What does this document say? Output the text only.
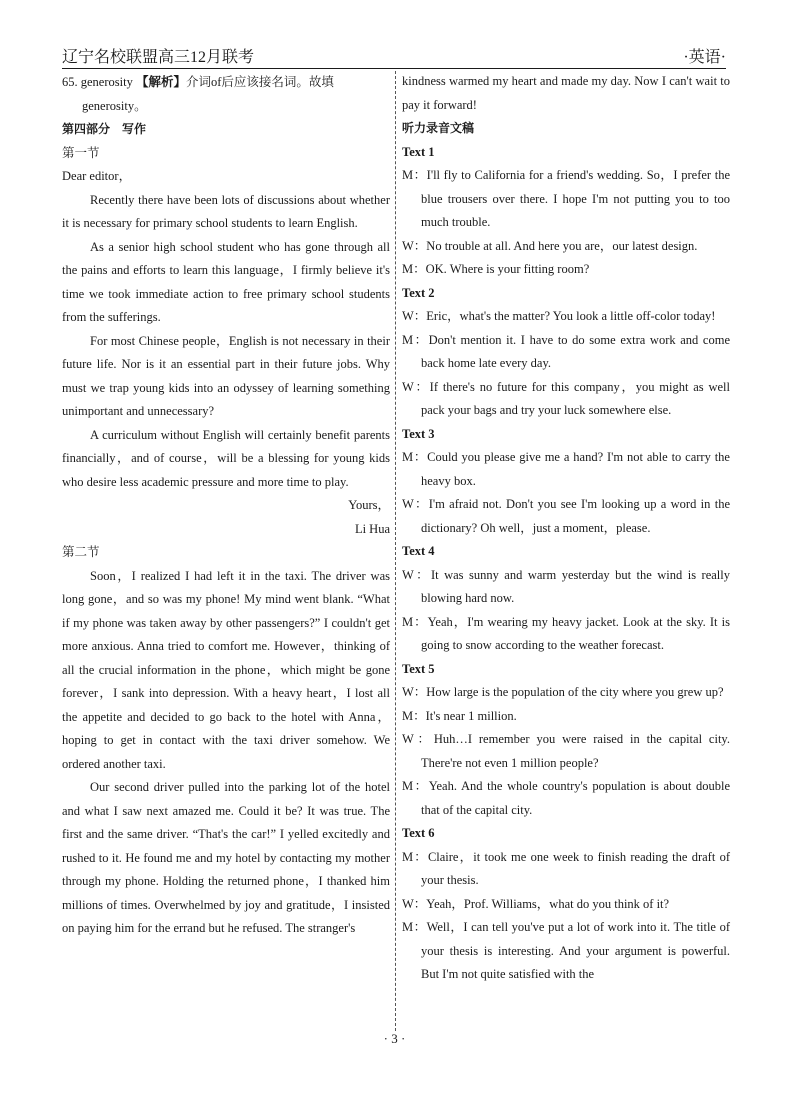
辽宁名校联盟高三12月联考	·英语·

65. generosity 【解析】介词of后应该接名词。故填

generosity。

第四部分　写作

第一节

Dear editor，

Recently there have been lots of discussions about whether it is necessary for primary school students to learn English.

As a senior high school student who has gone through all the pains and efforts to learn this language，I firmly believe it's time we took immediate action to free primary school students from the sufferings.

For most Chinese people，English is not necessary in their future life. Nor is it an essential part in their future jobs. Why must we trap young kids into an odyssey of learning something unimportant and unnecessary?

A curriculum without English will certainly benefit parents financially，and of course，will be a blessing for young kids who desire less academic pressure and more time to play.

Yours，

Li Hua

第二节

Soon，I realized I had left it in the taxi. The driver was long gone，and so was my phone! My mind went blank. “What if my phone was taken away by other passengers?” I couldn't get more anxious. Anna tried to comfort me. However，thinking of all the crucial information in the phone，which might be gone forever，I sank into depression. With a heavy heart，I lost all the appetite and decided to go back to the hotel with Anna，hoping to get in contact with the taxi driver somehow. We ordered another taxi.

Our second driver pulled into the parking lot of the hotel and what I saw next amazed me. Could it be? It was true. The first and the same driver. “That's the car!” I yelled excitedly and rushed to it. He found me and my hotel by contacting my mother through my phone. Holding the returned phone，I thanked him millions of times. Overwhelmed by joy and gratitude，I insisted on paying him for the errand but he refused. The stranger's

kindness warmed my heart and made my day. Now I can't wait to pay it forward!

听力录音文稿

Text 1

M：I'll fly to California for a friend's wedding. So，I prefer the blue trousers over there. I hope I'm not putting you to too much trouble.

W：No trouble at all. And here you are，our latest design.

M：OK. Where is your fitting room?

Text 2

W：Eric，what's the matter? You look a little off-color today!

M：Don't mention it. I have to do some extra work and come back home late every day.

W：If there's no future for this company，you might as well pack your bags and try your luck somewhere else.

Text 3

M：Could you please give me a hand? I'm not able to carry the heavy box.

W：I'm afraid not. Don't you see I'm looking up a word in the dictionary? Oh well，just a moment，please.

Text 4

W：It was sunny and warm yesterday but the wind is really blowing hard now.

M：Yeah，I'm wearing my heavy jacket. Look at the sky. It is going to snow according to the weather forecast.

Text 5

W：How large is the population of the city where you grew up?

M：It's near 1 million.

W：Huh…I remember you were raised in the capital city. There're not even 1 million people?

M：Yeah. And the whole country's population is about double that of the capital city.

Text 6

M：Claire，it took me one week to finish reading the draft of your thesis.

W：Yeah，Prof. Williams，what do you think of it?

M：Well，I can tell you've put a lot of work into it. The title of your thesis is interesting. And your argument is powerful. But I'm not quite satisfied with the

· 3 ·
